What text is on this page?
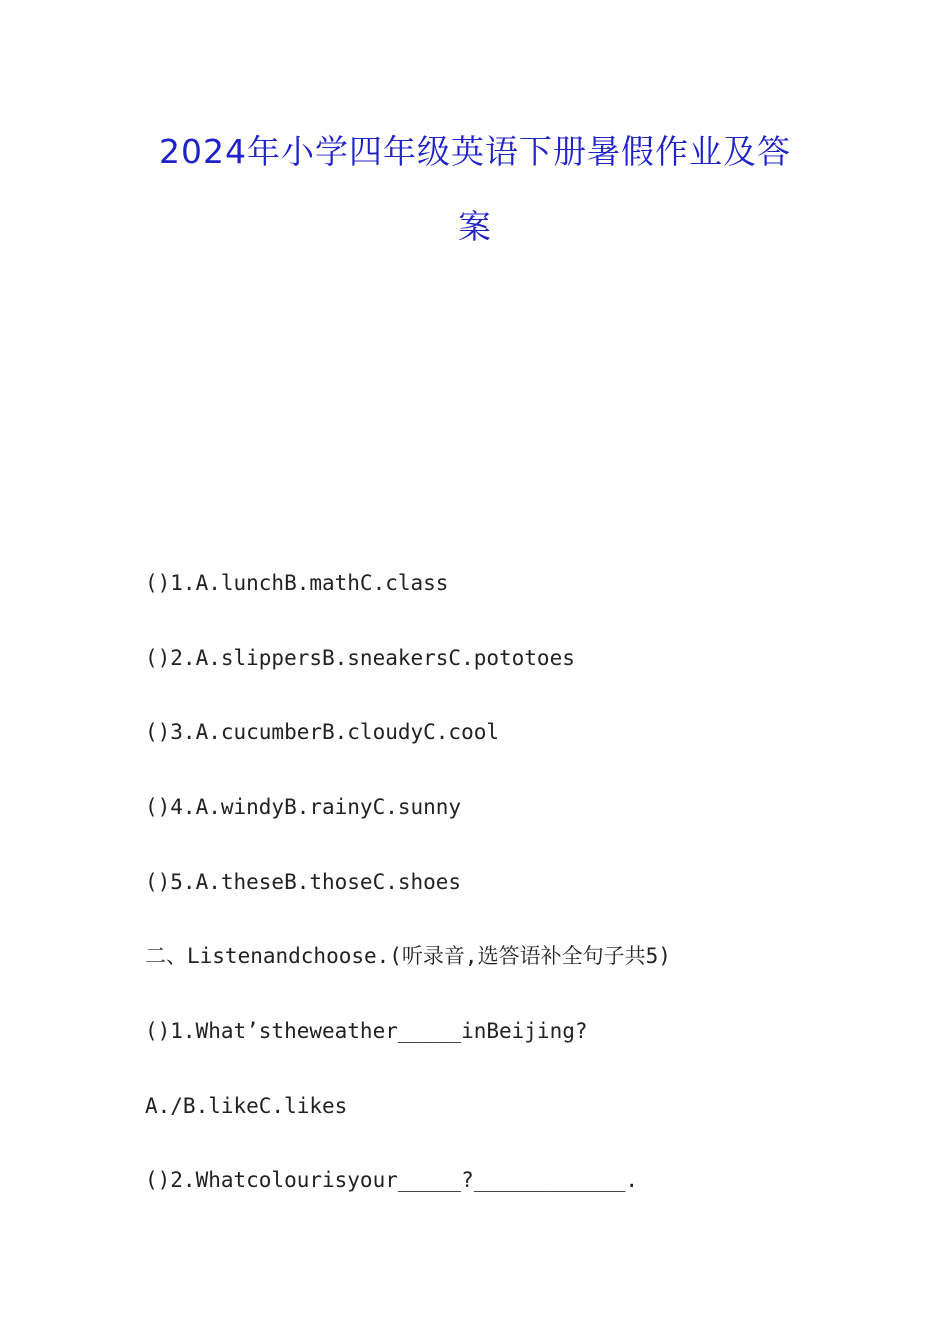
2024年小学四年级英语下册暑假作业及答
案
()1.A.lunchB.mathC.class
()2.A.slippersB.sneakersC.pototoes
()3.A.cucumberB.cloudyC.cool
()4.A.windyB.rainyC.sunny
()5.A.theseB.thoseC.shoes
二、Listenandchoose.(听录音,选答语补全句子共5)
()1.What’stheweather_____inBeijing?
A./B.likeC.likes
()2.Whatcolourisyour_____?____________.
